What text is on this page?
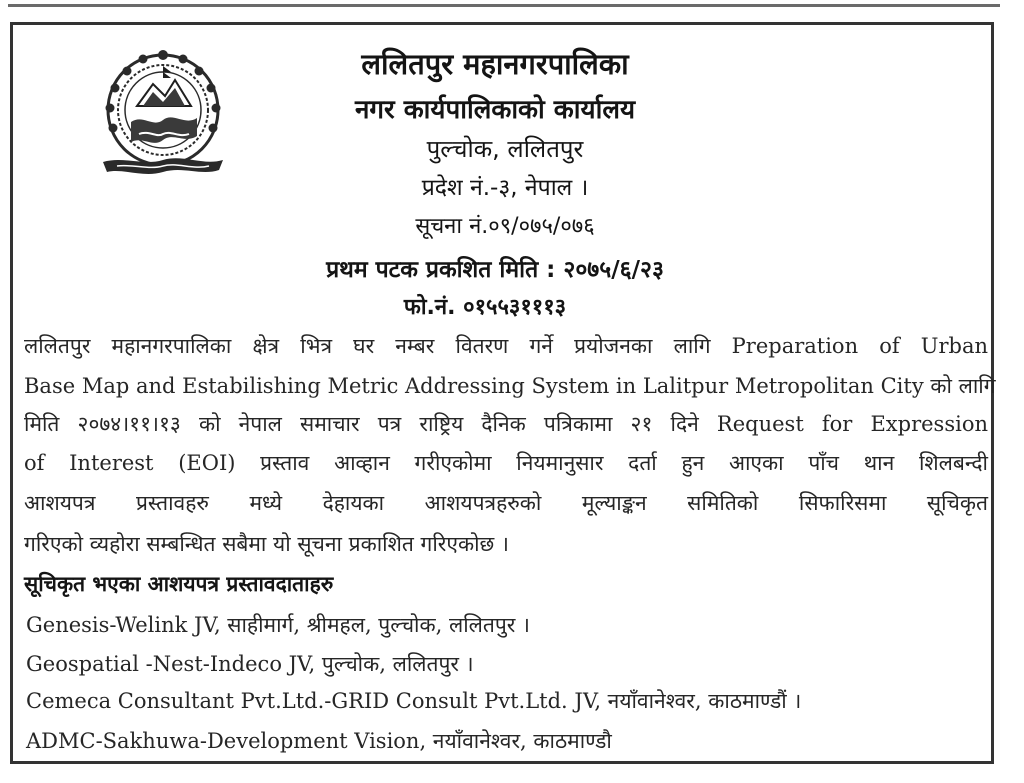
ललितपुर महानगरपालिका
नगर कार्यपालिकाको कार्यालय
पुल्चोक, ललितपुर
प्रदेश नं.-३, नेपाल ।
सूचना नं.०९/०७५/०७६
प्रथम पटक प्रकशित मिति : २०७५/६/२३
फो.नं. ०१५५३१११३
ललितपुर महानगरपालिका क्षेत्र भित्र घर नम्बर वितरण गर्ने प्रयोजनका लागि Preparation of Urban
Base Map and Estabilishing Metric Addressing System in Lalitpur Metropolitan City को लागि
मिति २०७४।११।१३ को नेपाल समाचार पत्र राष्ट्रिय दैनिक पत्रिकामा २१ दिने Request for Expression
of Interest (EOI) प्रस्ताव आव्हान गरीएकोमा नियमानुसार दर्ता हुन आएका पाँच थान शिलबन्दी
आशयपत्र प्रस्तावहरु मध्ये देहायका आशयपत्रहरुको मूल्याङ्कन समितिको सिफारिसमा सूचिकृत
गरिएको व्यहोरा सम्बन्धित सबैमा यो सूचना प्रकाशित गरिएकोछ ।
सूचिकृत भएका आशयपत्र प्रस्तावदाताहरु
Genesis-Welink JV, साहीमार्ग, श्रीमहल, पुल्चोक, ललितपुर ।
Geospatial -Nest-Indeco JV, पुल्चोक, ललितपुर ।
Cemeca Consultant Pvt.Ltd.-GRID Consult Pvt.Ltd. JV, नयाँवानेश्वर, काठमाण्डौं ।
ADMC-Sakhuwa-Development Vision, नयाँवानेश्वर, काठमाण्डौ
